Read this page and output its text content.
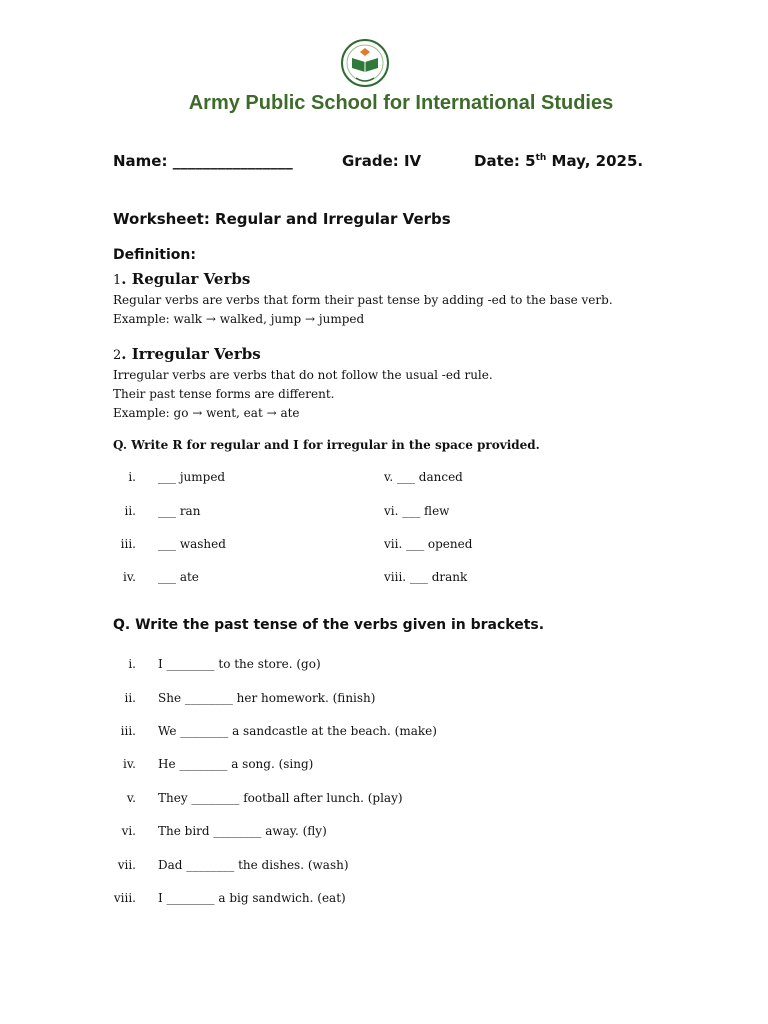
Army Public School for International Studies
Name: ________________	Grade: IV	Date: 5th May, 2025.
Worksheet: Regular and Irregular Verbs
Definition:
1. Regular Verbs
Regular verbs are verbs that form their past tense by adding -ed to the base verb.
Example: walk → walked, jump → jumped
2. Irregular Verbs
Irregular verbs are verbs that do not follow the usual -ed rule.
Their past tense forms are different.
Example: go → went, eat → ate
Q. Write R for regular and I for irregular in the space provided.
i. ___ jumped
ii. ___ ran
iii. ___ washed
iv. ___ ate
v. ___ danced
vi. ___ flew
vii. ___ opened
viii. ___ drank
Q. Write the past tense of the verbs given in brackets.
i. I ________ to the store. (go)
ii. She ________ her homework. (finish)
iii. We ________ a sandcastle at the beach. (make)
iv. He ________ a song. (sing)
v. They ________ football after lunch. (play)
vi. The bird ________ away. (fly)
vii. Dad ________ the dishes. (wash)
viii. I ________ a big sandwich. (eat)
